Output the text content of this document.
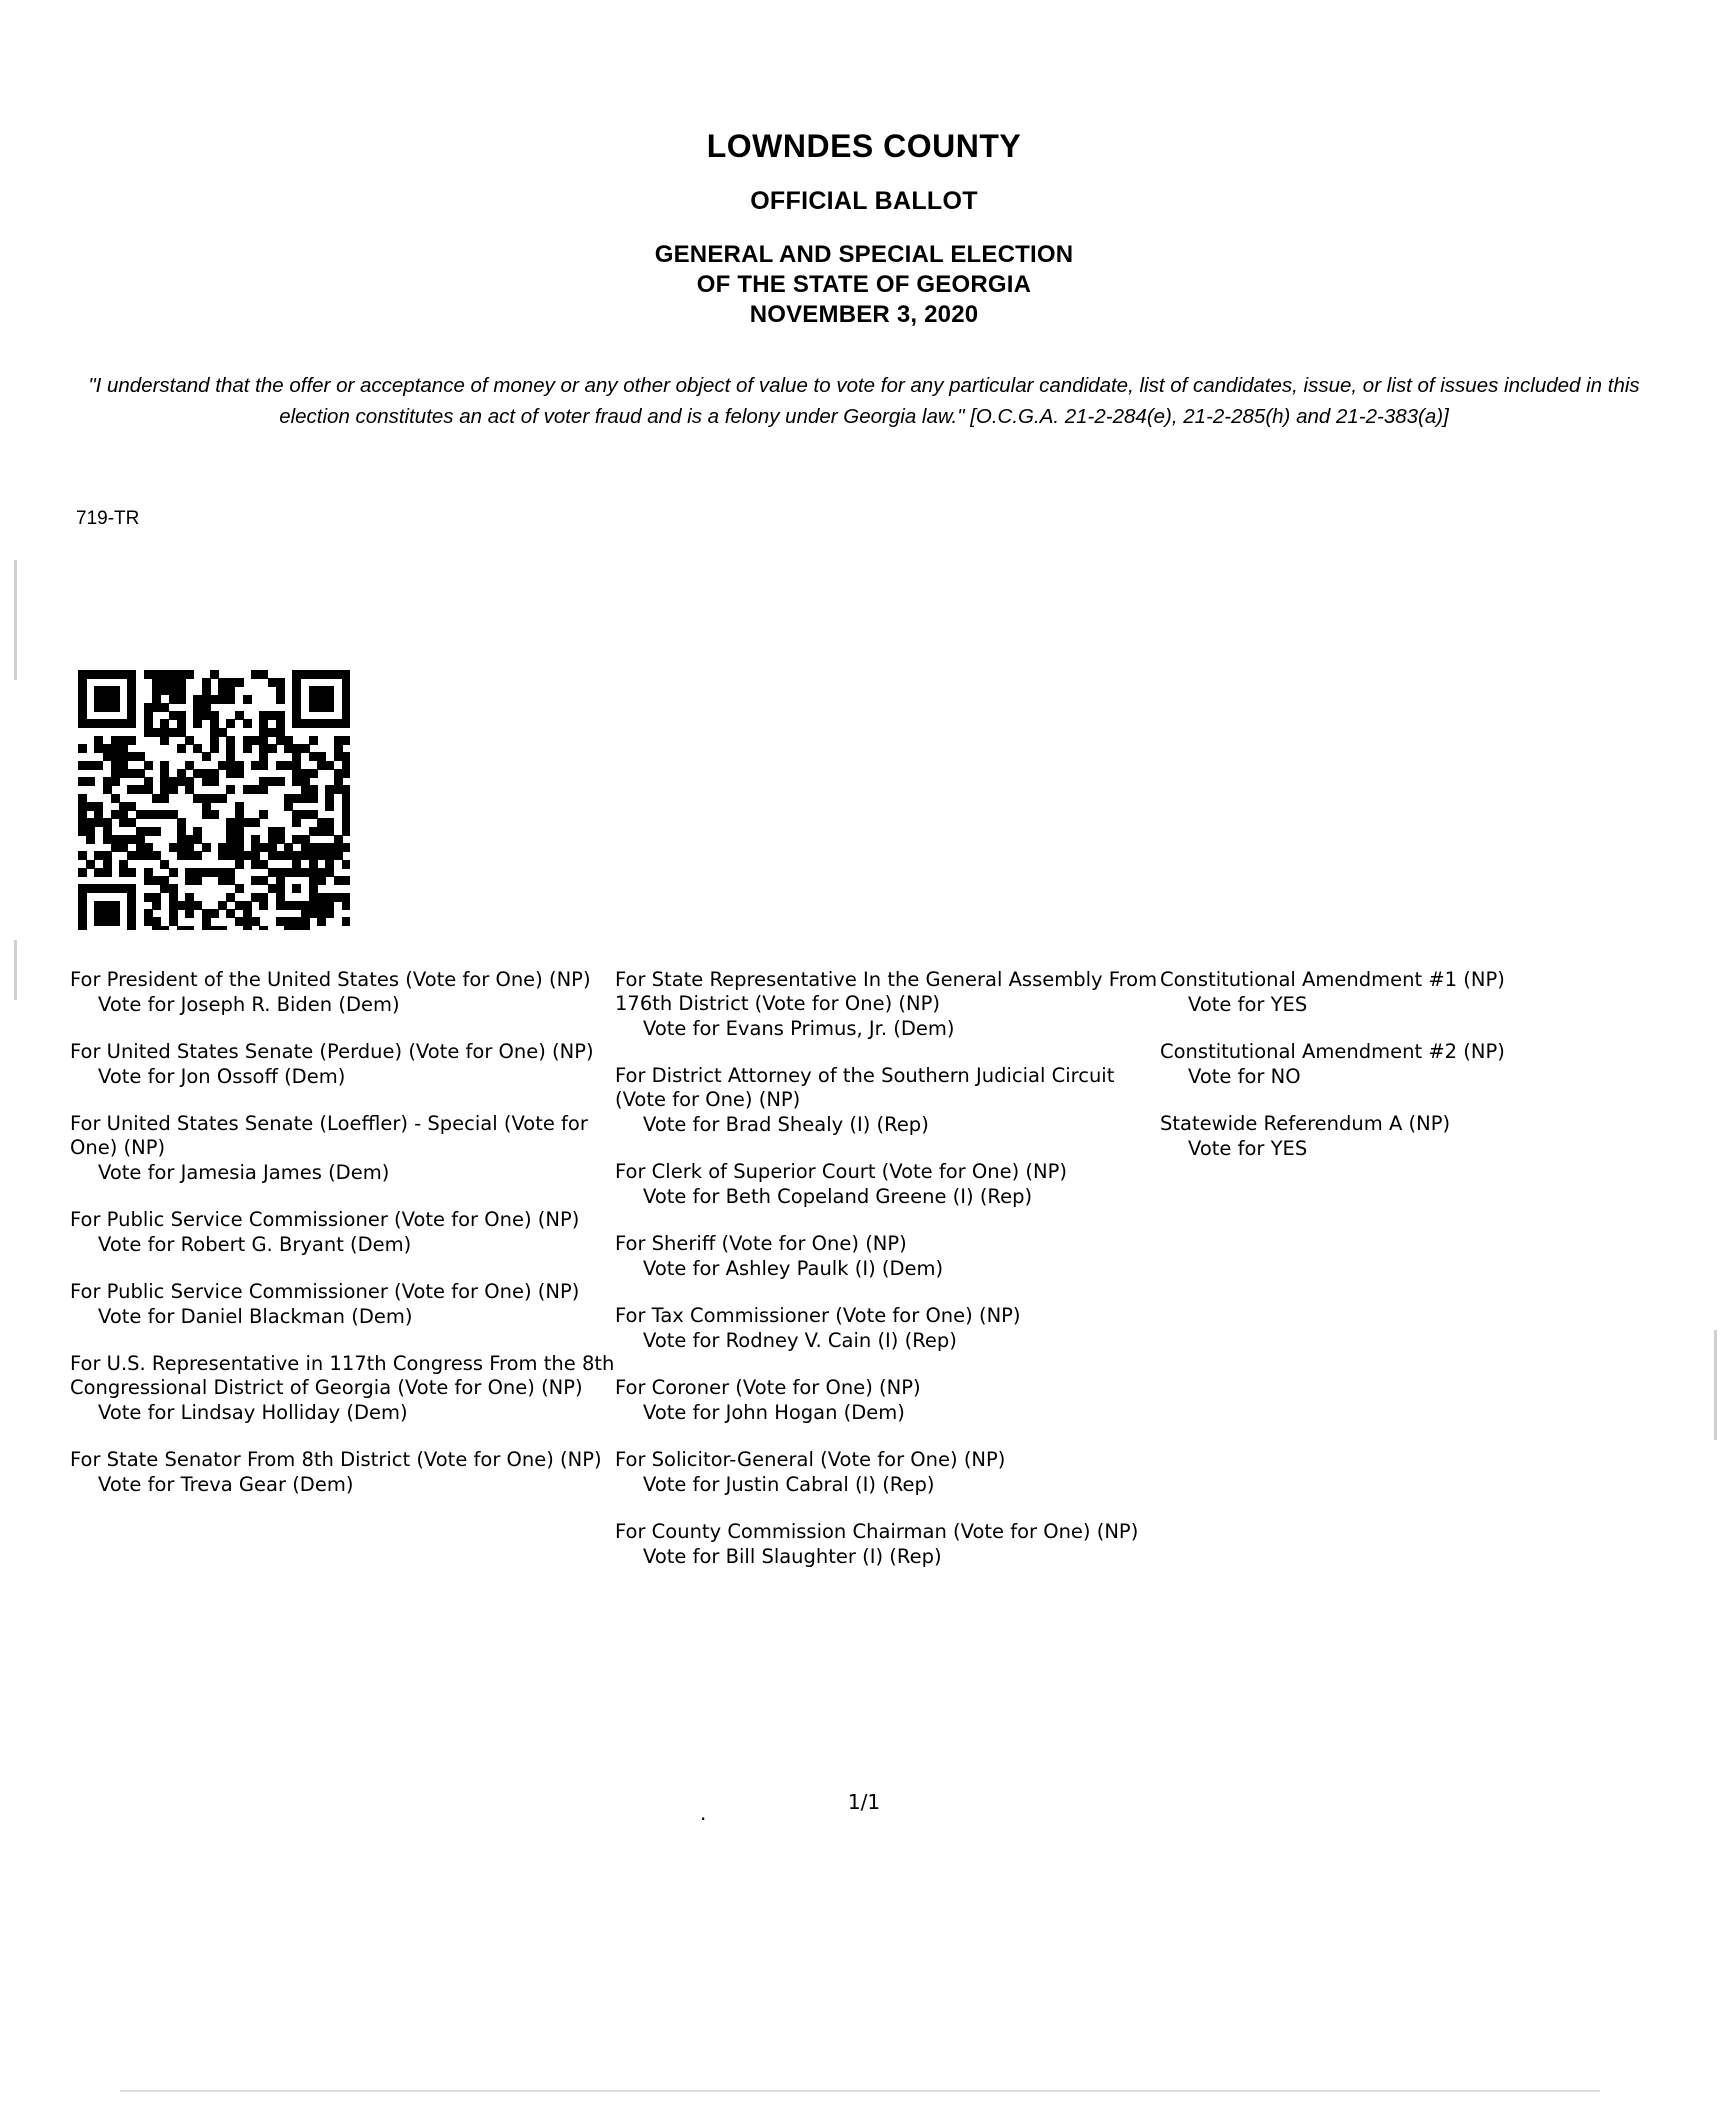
LOWNDES COUNTY
OFFICIAL BALLOT
GENERAL AND SPECIAL ELECTION
OF THE STATE OF GEORGIA
NOVEMBER 3, 2020
"I understand that the offer or acceptance of money or any other object of value to vote for any particular candidate, list of candidates, issue, or list of issues included in this election constitutes an act of voter fraud and is a felony under Georgia law." [O.C.G.A. 21-2-284(e), 21-2-285(h) and 21-2-383(a)]
719-TR
For President of the United States (Vote for One) (NP)
Vote for Joseph R. Biden (Dem)
For United States Senate (Perdue) (Vote for One) (NP)
Vote for Jon Ossoff (Dem)
For United States Senate (Loeffler) - Special (Vote for One) (NP)
Vote for Jamesia James (Dem)
For Public Service Commissioner (Vote for One) (NP)
Vote for Robert G. Bryant (Dem)
For Public Service Commissioner (Vote for One) (NP)
Vote for Daniel Blackman (Dem)
For U.S. Representative in 117th Congress From the 8th Congressional District of Georgia (Vote for One) (NP)
Vote for Lindsay Holliday (Dem)
For State Senator From 8th District (Vote for One) (NP)
Vote for Treva Gear (Dem)
For State Representative In the General Assembly From 176th District (Vote for One) (NP)
Vote for Evans Primus, Jr. (Dem)
For District Attorney of the Southern Judicial Circuit (Vote for One) (NP)
Vote for Brad Shealy (I) (Rep)
For Clerk of Superior Court (Vote for One) (NP)
Vote for Beth Copeland Greene (I) (Rep)
For Sheriff (Vote for One) (NP)
Vote for Ashley Paulk (I) (Dem)
For Tax Commissioner (Vote for One) (NP)
Vote for Rodney V. Cain (I) (Rep)
For Coroner (Vote for One) (NP)
Vote for John Hogan (Dem)
For Solicitor-General (Vote for One) (NP)
Vote for Justin Cabral (I) (Rep)
For County Commission Chairman (Vote for One) (NP)
Vote for Bill Slaughter (I) (Rep)
Constitutional Amendment #1 (NP)
Vote for YES
Constitutional Amendment #2 (NP)
Vote for NO
Statewide Referendum A (NP)
Vote for YES
.	1/1
